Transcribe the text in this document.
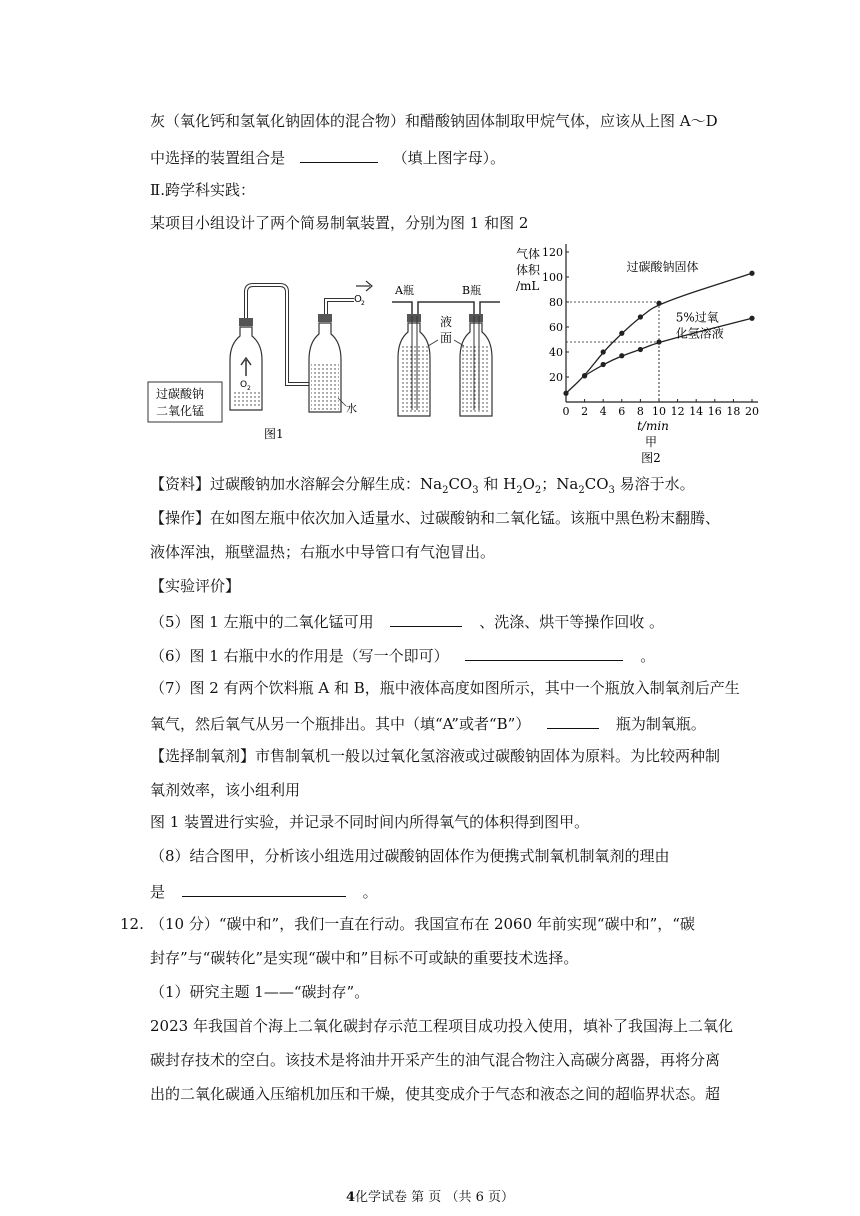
灰（氧化钙和氢氧化钠固体的混合物）和醋酸钠固体制取甲烷气体，应该从上图 A～D
中选择的装置组合是	（填上图字母）。
Ⅱ.跨学科实践：
某项目小组设计了两个简易制氧装置，分别为图 1 和图 2
O 2
水
O 2
过碳酸钠
二氧化锰
图1
A瓶	B瓶
液
面
0 2 4 6 8 10 12 14 16 18 20
20
40
60
80
100
120
气体
体积
/mL
t/min
甲
图2
过碳酸钠固体
5%过氧
化氢溶液
【资料】过碳酸钠加水溶解会分解生成：$Na_2CO_3$ 和 $H_2O_2$；$Na_2CO_3$ 易溶于水。
【操作】在如图左瓶中依次加入适量水、过碳酸钠和二氧化锰。该瓶中黑色粉末翻腾、
液体浑浊，瓶壁温热；右瓶水中导管口有气泡冒出。
【实验评价】
（5）图 1 左瓶中的二氧化锰可用	、洗涤、烘干等操作回收 。
（6）图 1 右瓶中水的作用是（写一个即可）	。
（7）图 2 有两个饮料瓶 A 和 B，瓶中液体高度如图所示，其中一个瓶放入制氧剂后产生
氧气，然后氧气从另一个瓶排出。其中（填“A”或者“B”）	瓶为制氧瓶。
【选择制氧剂】市售制氧机一般以过氧化氢溶液或过碳酸钠固体为原料。为比较两种制
氧剂效率，该小组利用
图 1 装置进行实验，并记录不同时间内所得氧气的体积得到图甲。
（8）结合图甲，分析该小组选用过碳酸钠固体作为便携式制氧机制氧剂的理由
是	。
12. （10 分）“碳中和”，我们一直在行动。我国宣布在 2060 年前实现“碳中和”，“碳
封存”与“碳转化”是实现“碳中和”目标不可或缺的重要技术选择。
（1）研究主题 1——“碳封存”。
2023 年我国首个海上二氧化碳封存示范工程项目成功投入使用，填补了我国海上二氧化
碳封存技术的空白。该技术是将油井开采产生的油气混合物注入高碳分离器，再将分离
出的二氧化碳通入压缩机加压和干燥，使其变成介于气态和液态之间的超临界状态。超
4化学试卷 第 页 （共 6 页）
